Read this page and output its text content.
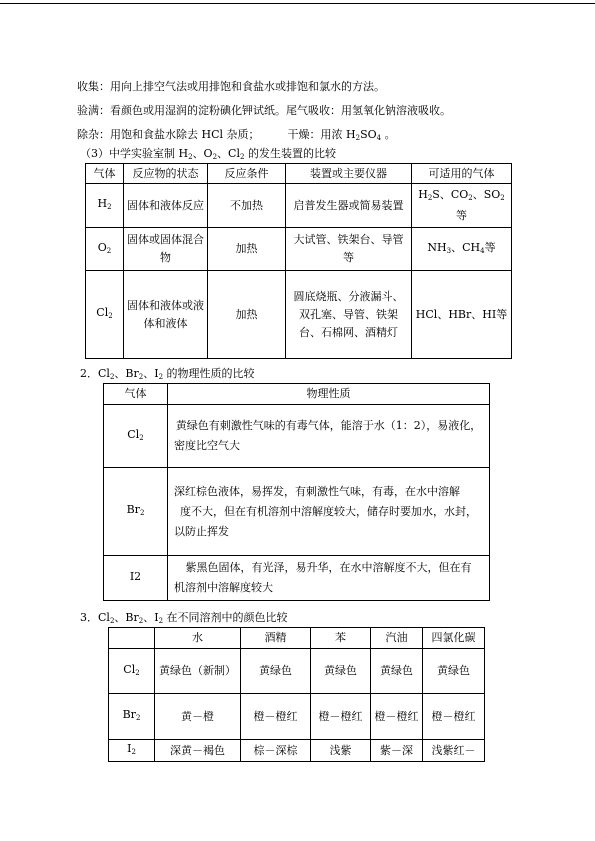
收集：用向上排空气法或用排饱和食盐水或排饱和氯水的方法。
验满：看颜色或用湿润的淀粉碘化钾试纸。尾气吸收：用氢氧化钠溶液吸收。
除杂：用饱和食盐水除去 HCl 杂质；	干燥：用浓 $H_2SO_4$ 。
（3）中学实验室制 $H_2$、$O_2$、$Cl_2$ 的发生装置的比较
气体	反应物的状态	反应条件	装置或主要仪器	可适用的气体
$H_2$	固体和液体反应	不加热	启普发生器或简易装置	$H_2S$、$CO_2$、$SO_2$
等
$O_2$	固体或固体混合物	加热	大试管、铁架台、导管等	$NH_3$、$CH_4$等
$Cl_2$	固体和液体或液体和液体	加热	圆底烧瓶、分液漏斗、双孔塞、导管、铁架台、石棉网、酒精灯	HCl、HBr、HI等
2．$Cl_2$、$Br_2$、$I_2$ 的物理性质的比较
气体	物理性质
$Cl_2$	黄绿色有刺激性气味的有毒气体，能溶于水（1：2），易液化，
密度比空气大

$Br_2$	深红棕色液体，易挥发，有刺激性气味，有毒，在水中溶解
度不大，但在有机溶剂中溶解度较大，储存时要加水，水封，
以防止挥发

I2	紫黑色固体，有光泽，易升华，在水中溶解度不大，但在有
机溶剂中溶解度较大
3．$Cl_2$、$Br_2$、$I_2$ 在不同溶剂中的颜色比较
	水	酒精	苯	汽油	四氯化碳
$Cl_2$	黄绿色（新制）	黄绿色	黄绿色	黄绿色	黄绿色
$Br_2$	黄－橙	橙－橙红	橙－橙红	橙－橙红	橙－橙红
$I_2$	深黄－褐色	棕－深棕	浅紫	紫－深	浅紫红－
